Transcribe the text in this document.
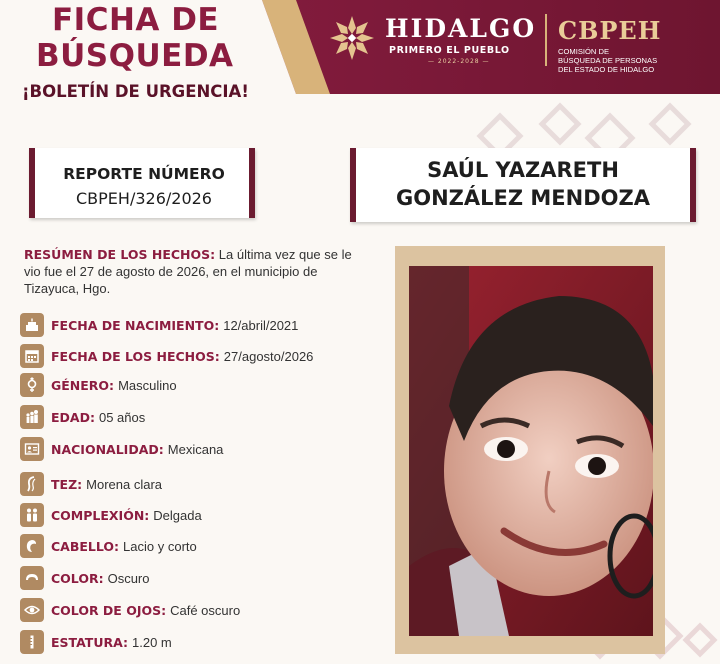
FICHA DE
BÚSQUEDA
¡BOLETÍN DE URGENCIA!
HIDALGO
PRIMERO EL PUEBLO
— 2022-2028 —
CBPEH
COMISIÓN DE
BÚSQUEDA DE PERSONAS
DEL ESTADO DE HIDALGO
REPORTE NÚMERO
CBPEH/326/2026
SAÚL YAZARETH
GONZÁLEZ MENDOZA
RESÚMEN DE LOS HECHOS: La última vez que se le vio fue el 27 de agosto de 2026, en el municipio de Tizayuca, Hgo.
FECHA DE NACIMIENTO: 12/abril/2021
FECHA DE LOS HECHOS: 27/agosto/2026
GÉNERO: Masculino
EDAD: 05 años
NACIONALIDAD: Mexicana
TEZ: Morena clara
COMPLEXIÓN: Delgada
CABELLO: Lacio y corto
COLOR: Oscuro
COLOR DE OJOS: Café oscuro
ESTATURA: 1.20 m
